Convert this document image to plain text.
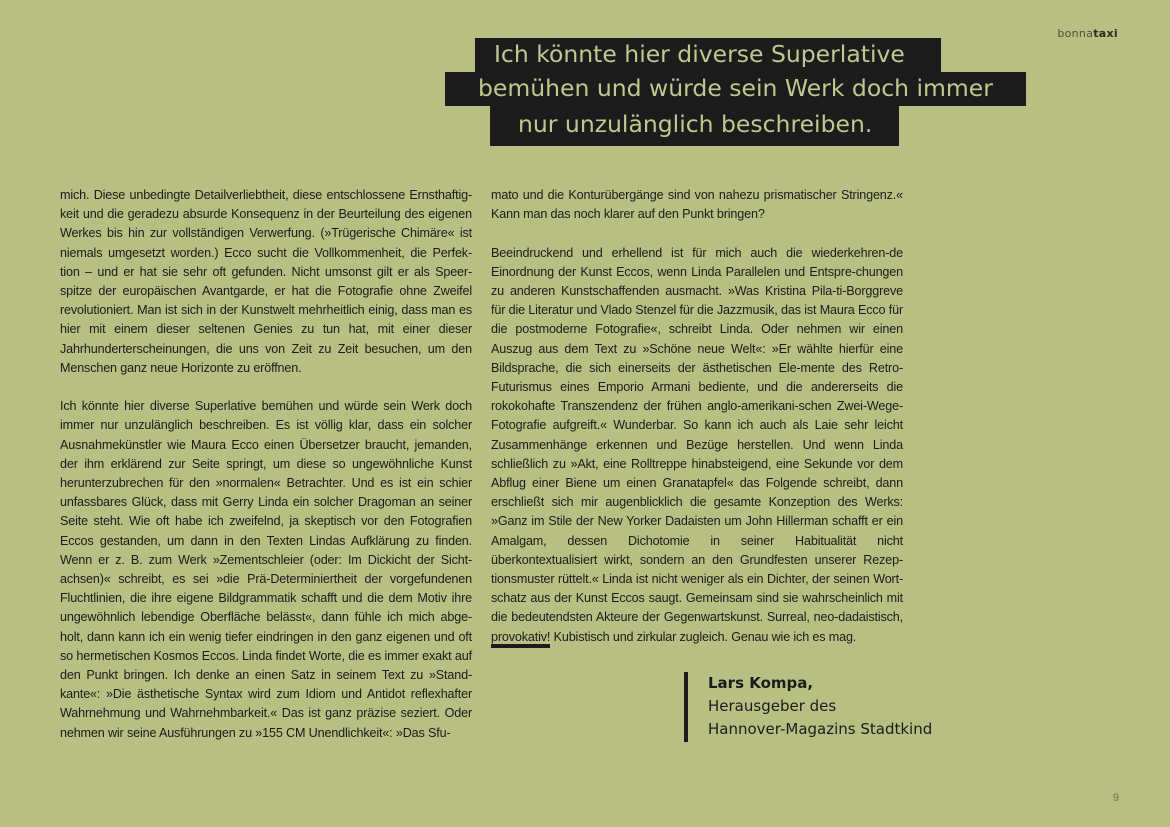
bonnataxi
Ich könnte hier diverse Superlative
bemühen und würde sein Werk doch immer
nur unzulänglich beschreiben.

mich. Diese unbedingte Detailverliebtheit, diese entschlossene Ernsthaftig-keit und die geradezu absurde Konsequenz in der Beurteilung des eigenen Werkes bis hin zur vollständigen Verwerfung. (»Trügerische Chimäre« ist niemals umgesetzt worden.) Ecco sucht die Vollkommenheit, die Perfek-tion – und er hat sie sehr oft gefunden. Nicht umsonst gilt er als Speer-spitze der europäischen Avantgarde, er hat die Fotografie ohne Zweifel revolutioniert. Man ist sich in der Kunstwelt mehrheitlich einig, dass man es hier mit einem dieser seltenen Genies zu tun hat, mit einer dieser Jahrhunderterscheinungen, die uns von Zeit zu Zeit besuchen, um den Menschen ganz neue Horizonte zu eröffnen.

Ich könnte hier diverse Superlative bemühen und würde sein Werk doch immer nur unzulänglich beschreiben. Es ist völlig klar, dass ein solcher Ausnahmekünstler wie Maura Ecco einen Übersetzer braucht, jemanden, der ihm erklärend zur Seite springt, um diese so ungewöhnliche Kunst herunterzubrechen für den »normalen« Betrachter. Und es ist ein schier unfassbares Glück, dass mit Gerry Linda ein solcher Dragoman an seiner Seite steht. Wie oft habe ich zweifelnd, ja skeptisch vor den Fotografien Eccos gestanden, um dann in den Texten Lindas Aufklärung zu finden. Wenn er z. B. zum Werk »Zementschleier (oder: Im Dickicht der Sicht-achsen)« schreibt, es sei »die Prä-Determiniertheit der vorgefundenen Fluchtlinien, die ihre eigene Bildgrammatik schafft und die dem Motiv ihre ungewöhnlich lebendige Oberfläche belässt«, dann fühle ich mich abge-holt, dann kann ich ein wenig tiefer eindringen in den ganz eigenen und oft so hermetischen Kosmos Eccos. Linda findet Worte, die es immer exakt auf den Punkt bringen. Ich denke an einen Satz in seinem Text zu »Stand-kante«: »Die ästhetische Syntax wird zum Idiom und Antidot reflexhafter Wahrnehmung und Wahrnehmbarkeit.« Das ist ganz präzise seziert. Oder nehmen wir seine Ausführungen zu »155 CM Unendlichkeit«: »Das Sfu-

mato und die Konturübergänge sind von nahezu prismatischer Stringenz.« Kann man das noch klarer auf den Punkt bringen?

Beeindruckend und erhellend ist für mich auch die wiederkehren-de Einordnung der Kunst Eccos, wenn Linda Parallelen und Entspre-chungen zu anderen Kunstschaffenden ausmacht. »Was Kristina Pila-ti-Borggreve für die Literatur und Vlado Stenzel für die Jazzmusik, das ist Maura Ecco für die postmoderne Fotografie«, schreibt Linda. Oder nehmen wir einen Auszug aus dem Text zu »Schöne neue Welt«: »Er wählte hierfür eine Bildsprache, die sich einerseits der ästhetischen Ele-mente des Retro-Futurismus eines Emporio Armani bediente, und die andererseits die rokokohafte Transzendenz der frühen anglo-amerikani-schen Zwei-Wege-Fotografie aufgreift.« Wunderbar. So kann ich auch als Laie sehr leicht Zusammenhänge erkennen und Bezüge herstellen. Und wenn Linda schließlich zu »Akt, eine Rolltreppe hinabsteigend, eine Sekunde vor dem Abflug einer Biene um einen Granatapfel« das Folgende schreibt, dann erschließt sich mir augenblicklich die gesamte Konzeption des Werks: »Ganz im Stile der New Yorker Dadaisten um John Hillerman schafft er ein Amalgam, dessen Dichotomie in seiner Habitualität nicht überkontextualisiert wirkt, sondern an den Grundfesten unserer Rezep-tionsmuster rüttelt.« Linda ist nicht weniger als ein Dichter, der seinen Wort-schatz aus der Kunst Eccos saugt. Gemeinsam sind sie wahrscheinlich mit die bedeutendsten Akteure der Gegenwartskunst. Surreal, neo-dadaistisch, provokativ! Kubistisch und zirkular zugleich. Genau wie ich es mag.

Lars Kompa,
Herausgeber des
Hannover-Magazins Stadtkind
9
